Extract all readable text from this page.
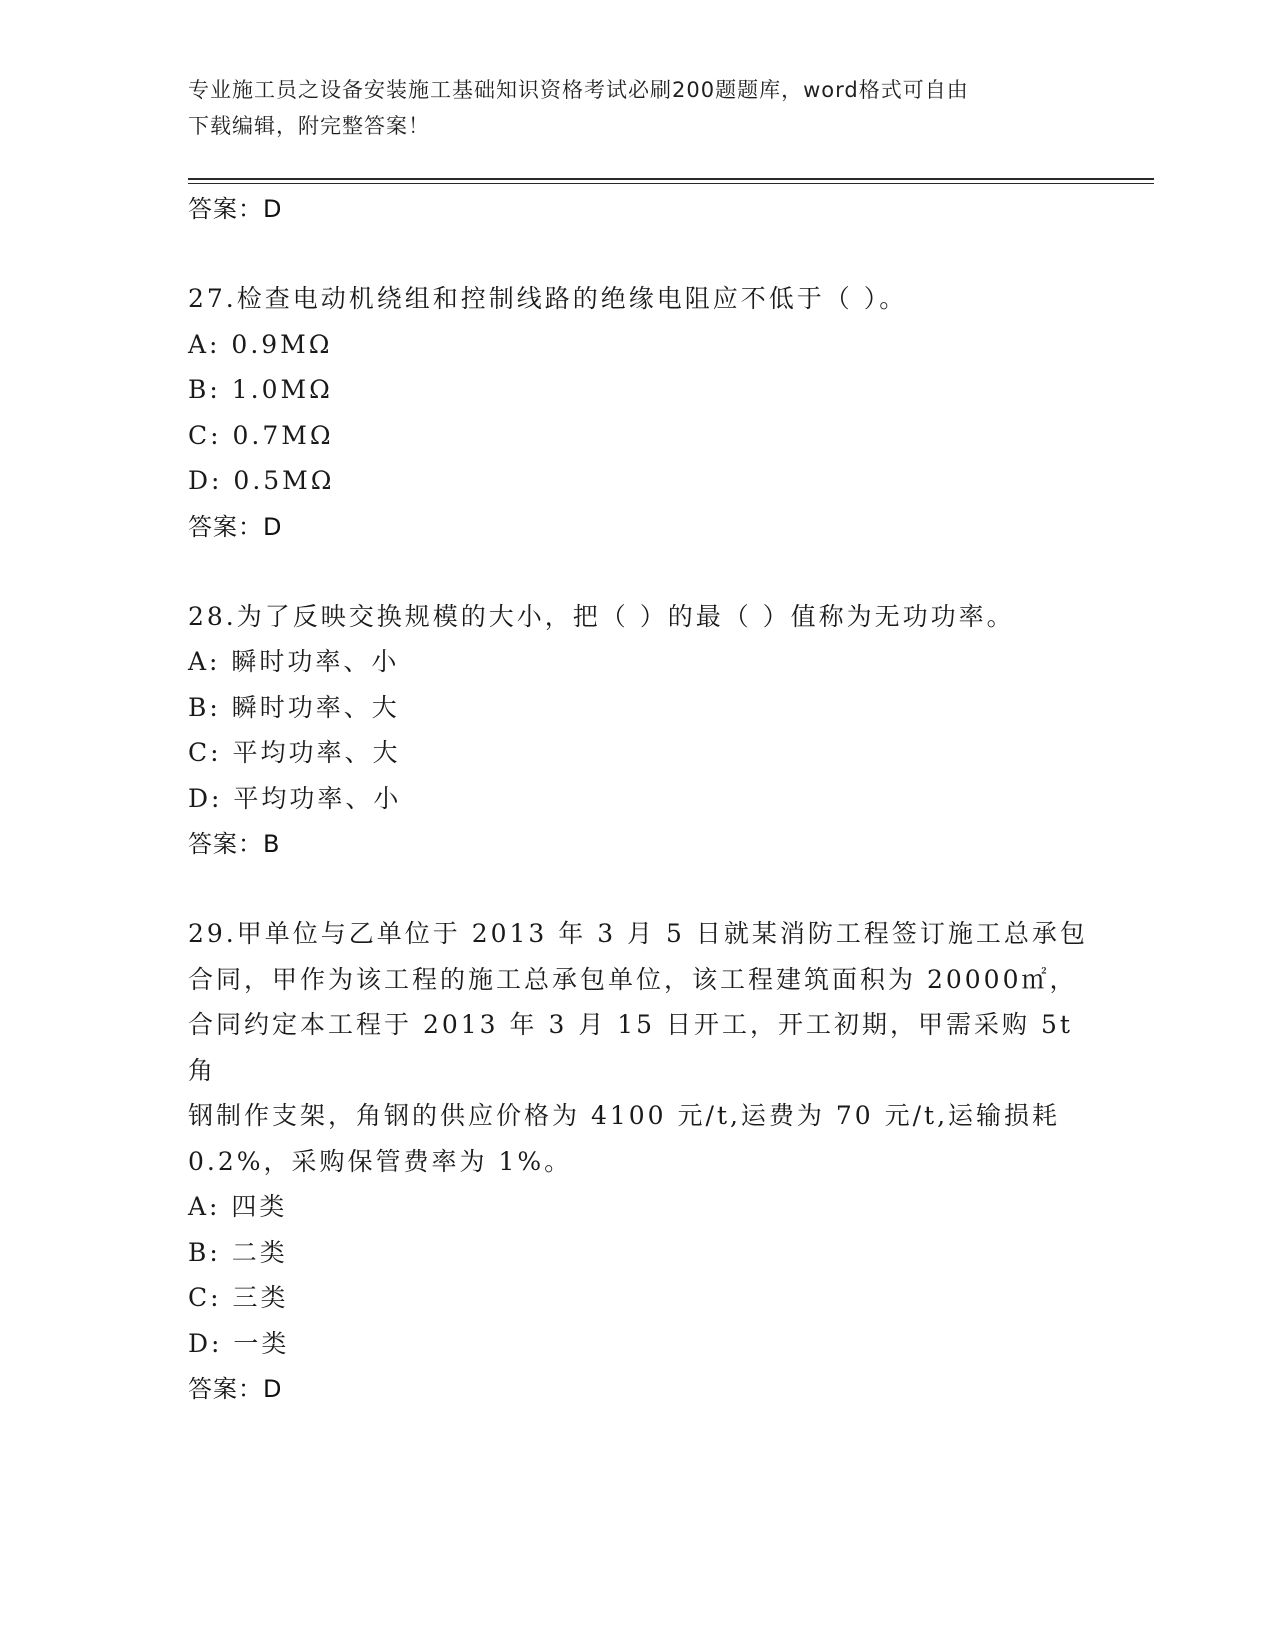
专业施工员之设备安装施工基础知识资格考试必刷200题题库，word格式可自由
下载编辑，附完整答案！
答案：D
27.检查电动机绕组和控制线路的绝缘电阻应不低于（ ）。
A: 0.9MΩ
B: 1.0MΩ
C: 0.7MΩ
D: 0.5MΩ
答案：D
28.为了反映交换规模的大小，把（ ）的最（ ）值称为无功功率。
A: 瞬时功率、小
B: 瞬时功率、大
C: 平均功率、大
D: 平均功率、小
答案：B
29.甲单位与乙单位于 2013 年 3 月 5 日就某消防工程签订施工总承包
合同，甲作为该工程的施工总承包单位，该工程建筑面积为 20000㎡，
合同约定本工程于 2013 年 3 月 15 日开工，开工初期，甲需采购 5t 角
钢制作支架，角钢的供应价格为 4100 元/t,运费为 70 元/t,运输损耗
0.2%，采购保管费率为 1%。
A: 四类
B: 二类
C: 三类
D: 一类
答案：D
